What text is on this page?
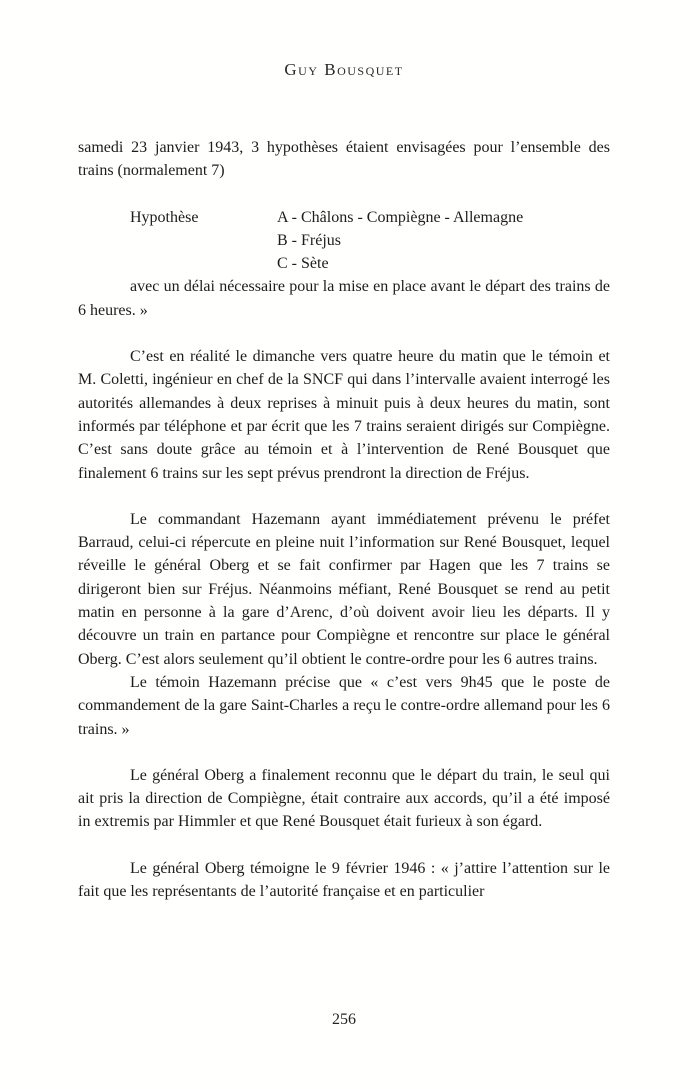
Guy Bousquet

samedi 23 janvier 1943, 3 hypothèses étaient envisagées pour l’ensemble des trains (normalement 7)

Hypothèse	A - Châlons - Compiègne - Allemagne
B - Fréjus
C - Sète

avec un délai nécessaire pour la mise en place avant le départ des trains de 6 heures. »

C’est en réalité le dimanche vers quatre heure du matin que le témoin et M. Coletti, ingénieur en chef de la SNCF qui dans l’intervalle avaient interrogé les autorités allemandes à deux reprises à minuit puis à deux heures du matin, sont informés par téléphone et par écrit que les 7 trains seraient dirigés sur Compiègne. C’est sans doute grâce au témoin et à l’intervention de René Bousquet que finalement 6 trains sur les sept prévus prendront la direction de Fréjus.

Le commandant Hazemann ayant immédiatement prévenu le préfet Barraud, celui-ci répercute en pleine nuit l’information sur René Bousquet, lequel réveille le général Oberg et se fait confirmer par Hagen que les 7 trains se dirigeront bien sur Fréjus. Néanmoins méfiant, René Bousquet se rend au petit matin en personne à la gare d’Arenc, d’où doivent avoir lieu les départs. Il y découvre un train en partance pour Compiègne et rencontre sur place le général Oberg. C’est alors seulement qu’il obtient le contre-ordre pour les 6 autres trains.

Le témoin Hazemann précise que « c’est vers 9h45 que le poste de commandement de la gare Saint-Charles a reçu le contre-ordre allemand pour les 6 trains. »

Le général Oberg a finalement reconnu que le départ du train, le seul qui ait pris la direction de Compiègne, était contraire aux accords, qu’il a été imposé in extremis par Himmler et que René Bousquet était furieux à son égard.

Le général Oberg témoigne le 9 février 1946 : « j’attire l’attention sur le fait que les représentants de l’autorité française et en particulier

256
